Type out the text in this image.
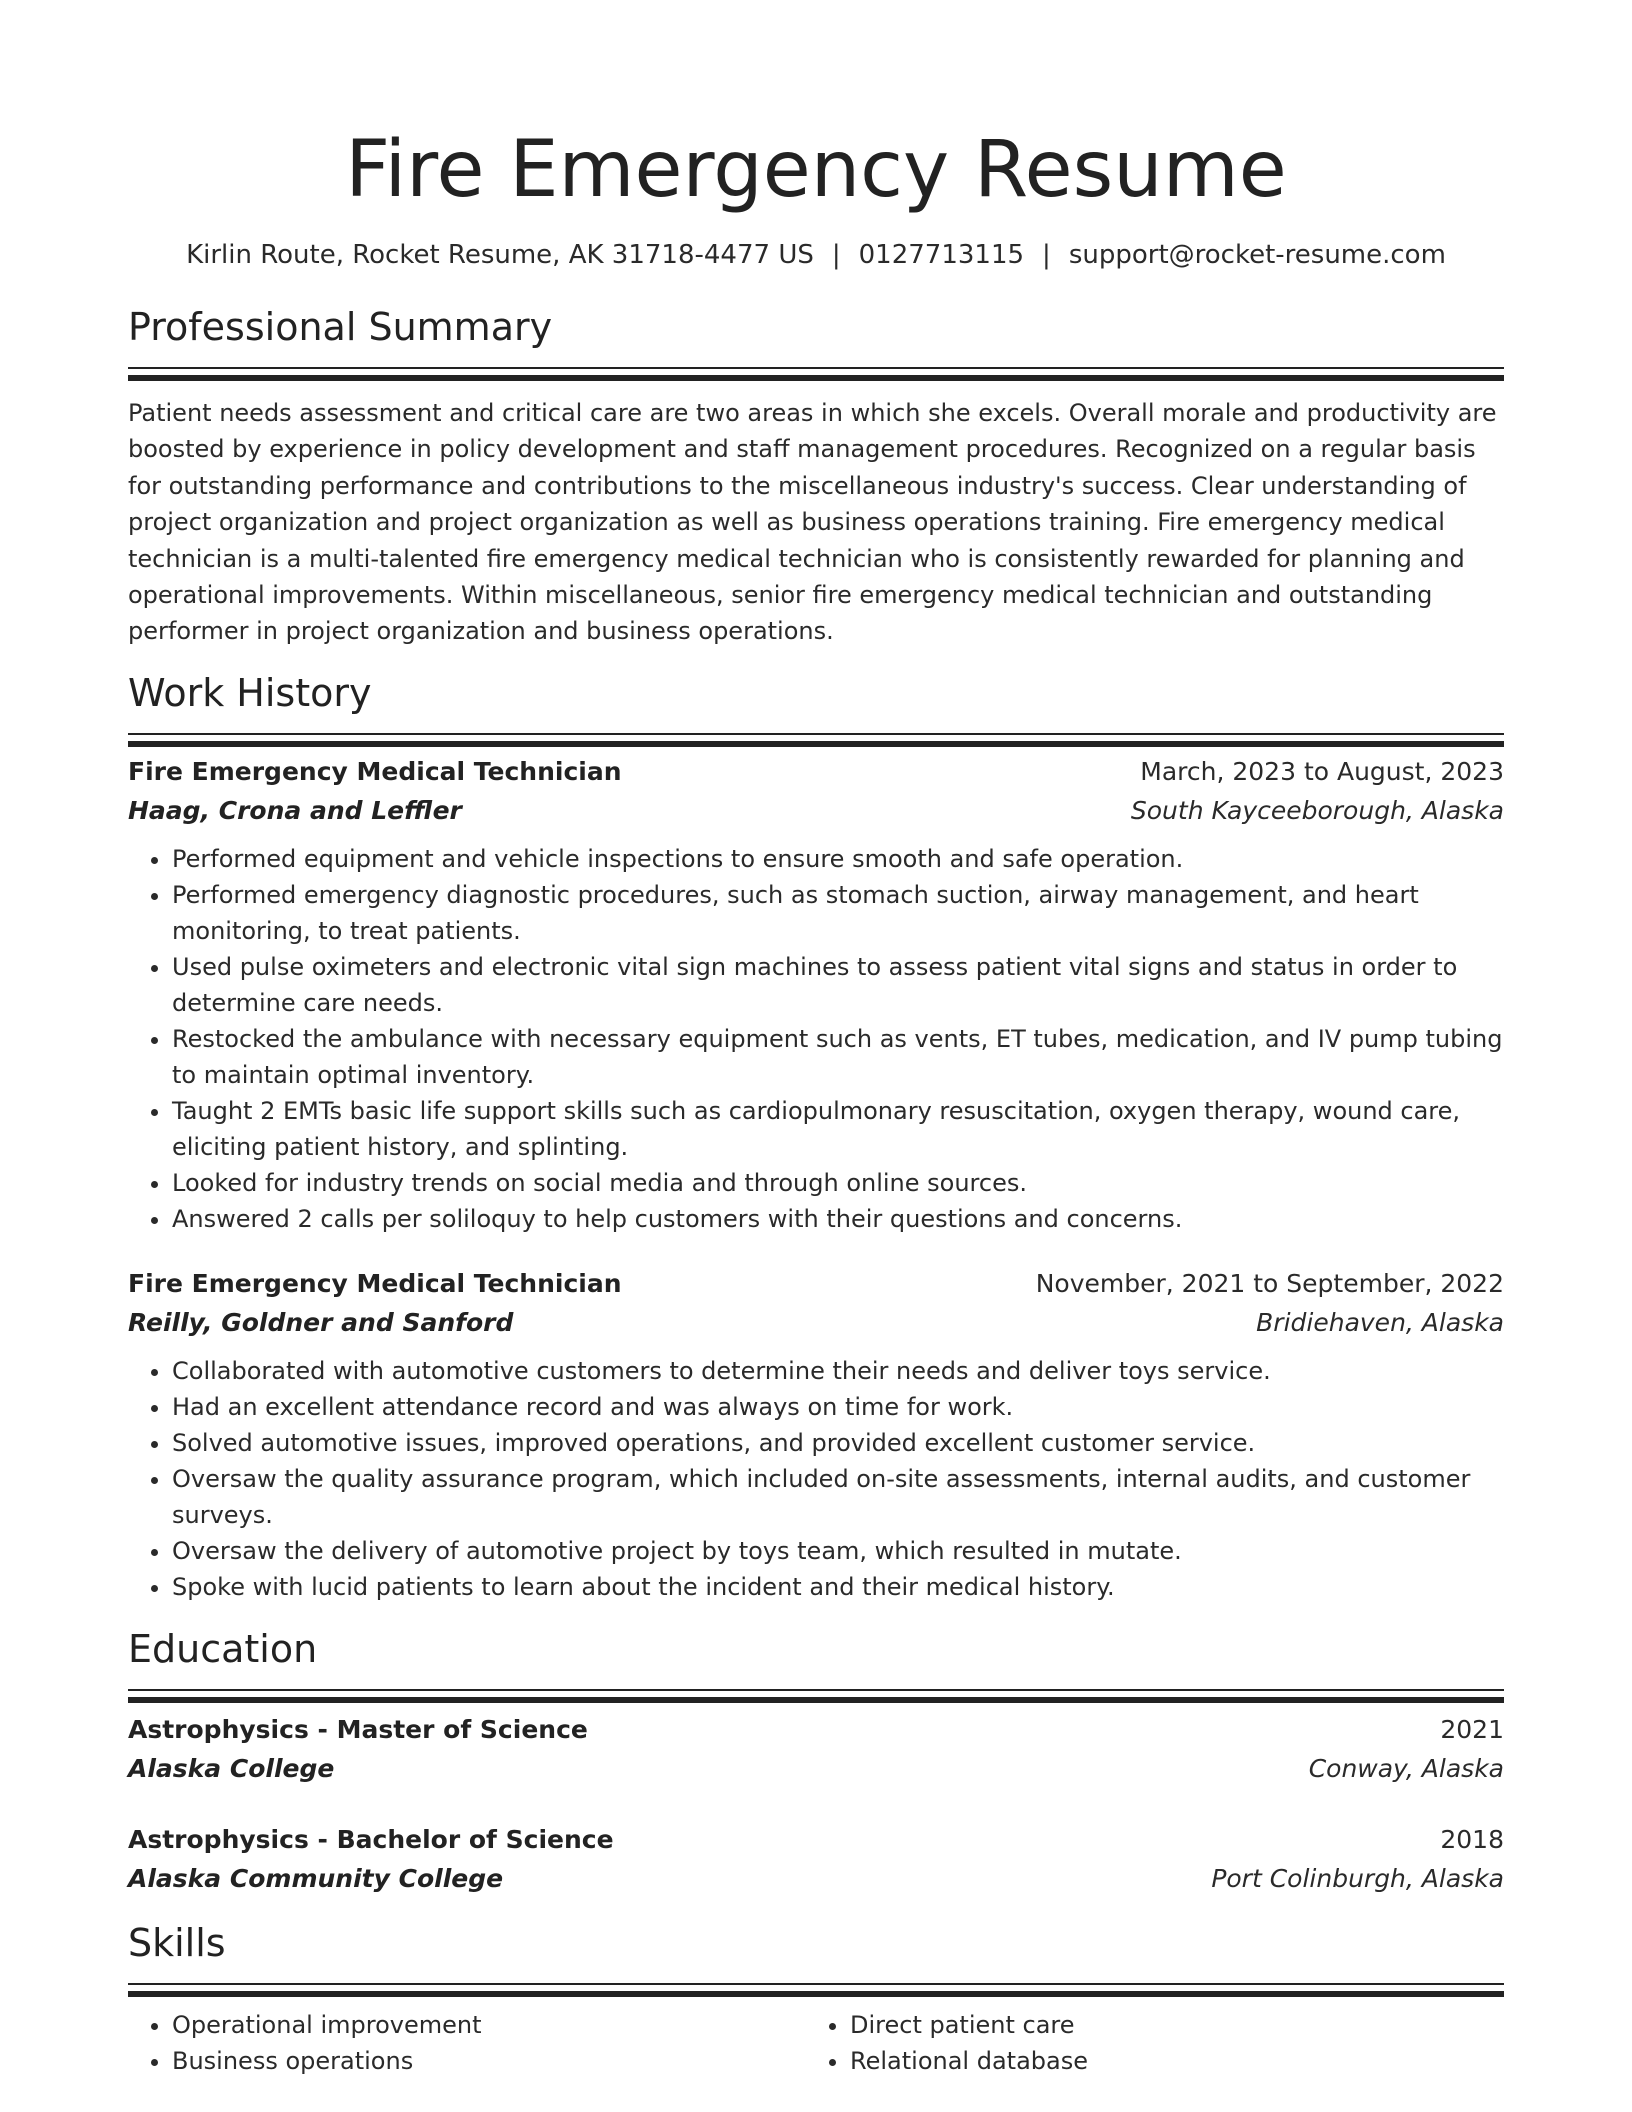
Fire Emergency Resume
Kirlin Route, Rocket Resume, AK 31718-4477 US | 0127713115 | support@rocket-resume.com
Professional Summary

Patient needs assessment and critical care are two areas in which she excels. Overall morale and productivity are boosted by experience in policy development and staff management procedures. Recognized on a regular basis for outstanding performance and contributions to the miscellaneous industry's success. Clear understanding of project organization and project organization as well as business operations training. Fire emergency medical technician is a multi-talented fire emergency medical technician who is consistently rewarded for planning and operational improvements. Within miscellaneous, senior fire emergency medical technician and outstanding performer in project organization and business operations.

Work History
Fire Emergency Medical Technician	March, 2023 to August, 2023
Haag, Crona and Leffler	South Kayceeborough, Alaska
• Performed equipment and vehicle inspections to ensure smooth and safe operation.
• Performed emergency diagnostic procedures, such as stomach suction, airway management, and heart monitoring, to treat patients.
• Used pulse oximeters and electronic vital sign machines to assess patient vital signs and status in order to determine care needs.
• Restocked the ambulance with necessary equipment such as vents, ET tubes, medication, and IV pump tubing to maintain optimal inventory.
• Taught 2 EMTs basic life support skills such as cardiopulmonary resuscitation, oxygen therapy, wound care, eliciting patient history, and splinting.
• Looked for industry trends on social media and through online sources.
• Answered 2 calls per soliloquy to help customers with their questions and concerns.
Fire Emergency Medical Technician	November, 2021 to September, 2022
Reilly, Goldner and Sanford	Bridiehaven, Alaska
• Collaborated with automotive customers to determine their needs and deliver toys service.
• Had an excellent attendance record and was always on time for work.
• Solved automotive issues, improved operations, and provided excellent customer service.
• Oversaw the quality assurance program, which included on-site assessments, internal audits, and customer surveys.
• Oversaw the delivery of automotive project by toys team, which resulted in mutate.
• Spoke with lucid patients to learn about the incident and their medical history.
Education
Astrophysics - Master of Science	2021
Alaska College	Conway, Alaska
Astrophysics - Bachelor of Science	2018
Alaska Community College	Port Colinburgh, Alaska
Skills
• Operational improvement
• Business operations
• Direct patient care
• Relational database
